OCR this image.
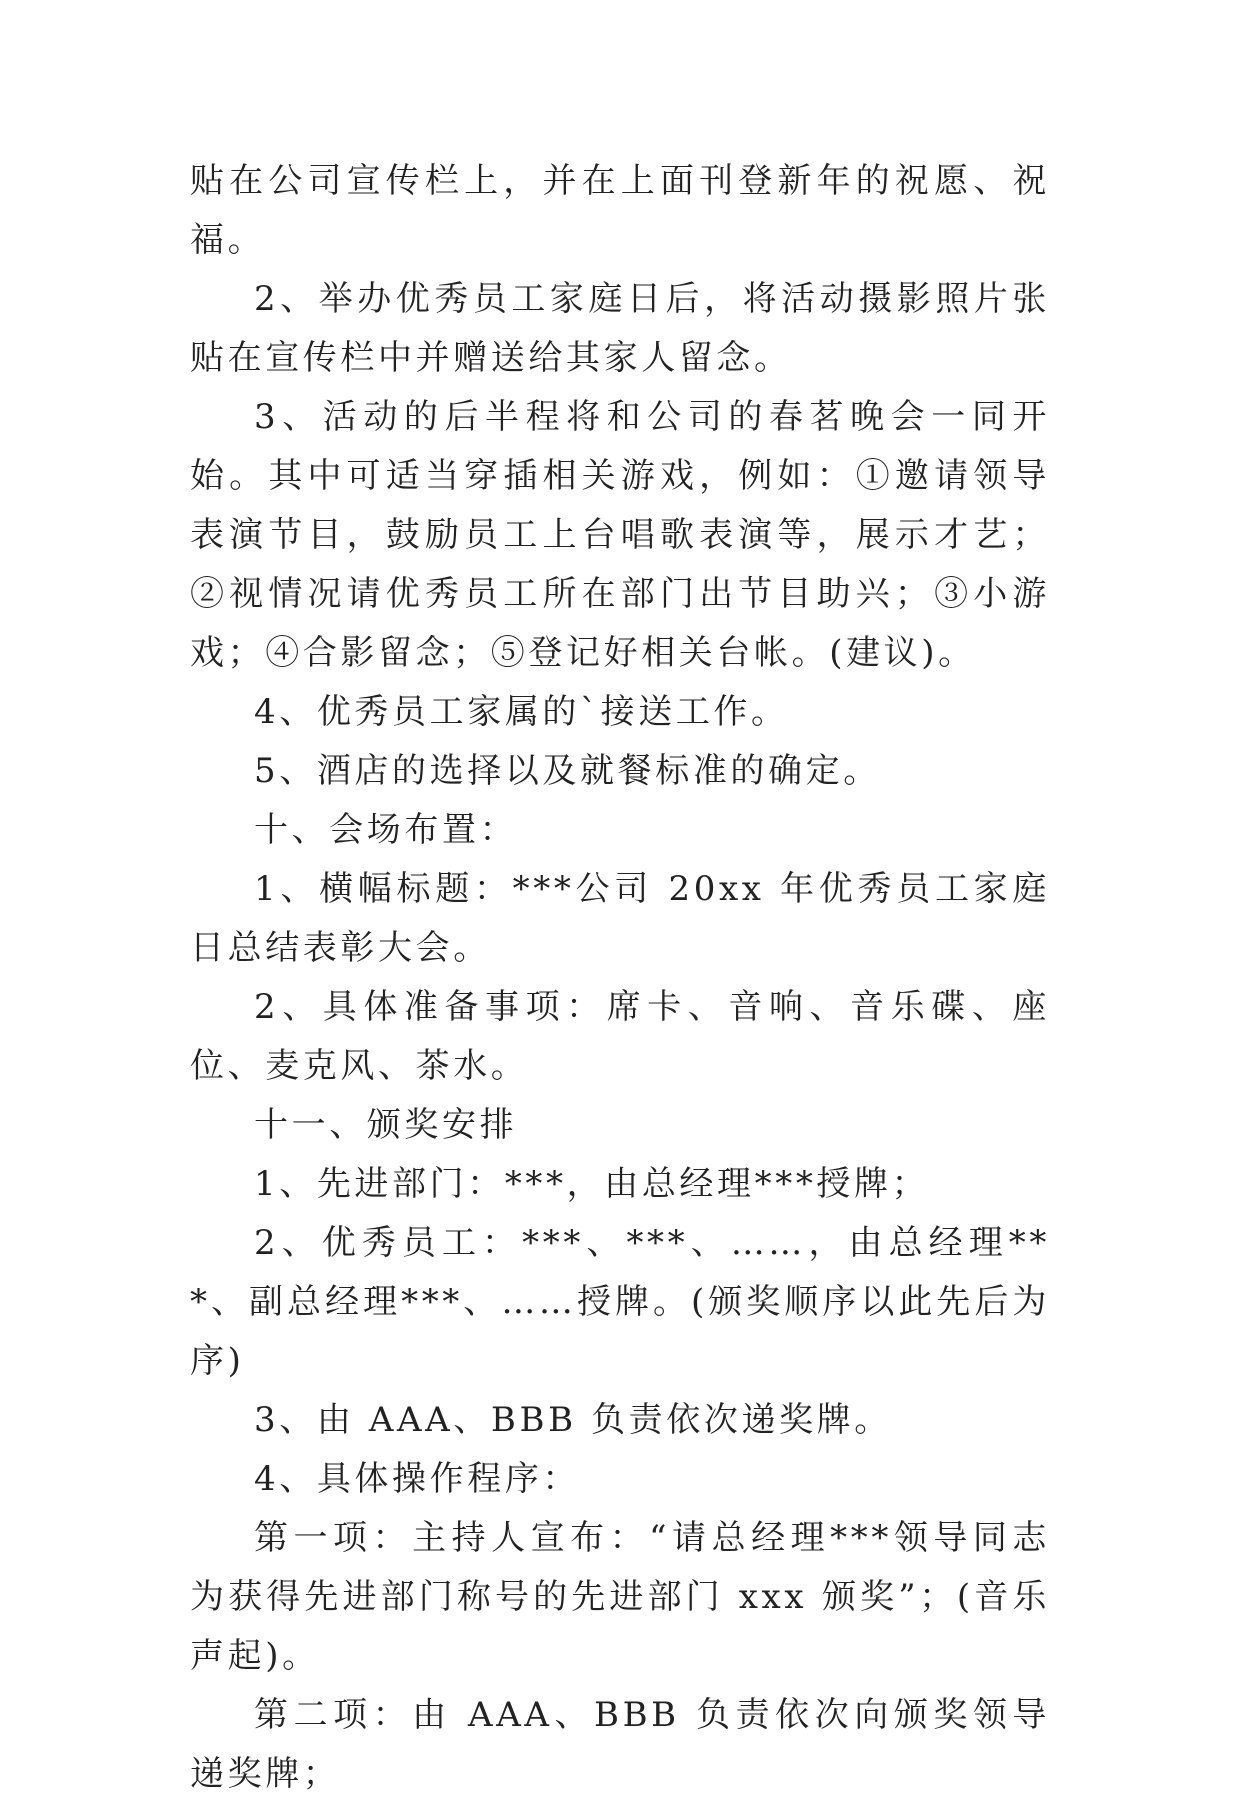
贴在公司宣传栏上，并在上面刊登新年的祝愿、祝福。

2、举办优秀员工家庭日后，将活动摄影照片张贴在宣传栏中并赠送给其家人留念。

3、活动的后半程将和公司的春茗晚会一同开始。其中可适当穿插相关游戏，例如：①邀请领导表演节目，鼓励员工上台唱歌表演等，展示才艺；②视情况请优秀员工所在部门出节目助兴；③小游戏；④合影留念；⑤登记好相关台帐。(建议)。

4、优秀员工家属的`接送工作。

5、酒店的选择以及就餐标准的确定。

十、会场布置：

1、横幅标题：***公司 20xx 年优秀员工家庭日总结表彰大会。

2、具体准备事项：席卡、音响、音乐碟、座位、麦克风、茶水。

十一、颁奖安排

1、先进部门：***，由总经理***授牌；

2、优秀员工：***、***、……，由总经理***、副总经理***、……授牌。(颁奖顺序以此先后为序)

3、由 AAA、BBB 负责依次递奖牌。

4、具体操作程序：

第一项：主持人宣布：“请总经理***领导同志为获得先进部门称号的先进部门 xxx 颁奖”；(音乐声起)。

第二项：由 AAA、BBB 负责依次向颁奖领导递奖牌；
